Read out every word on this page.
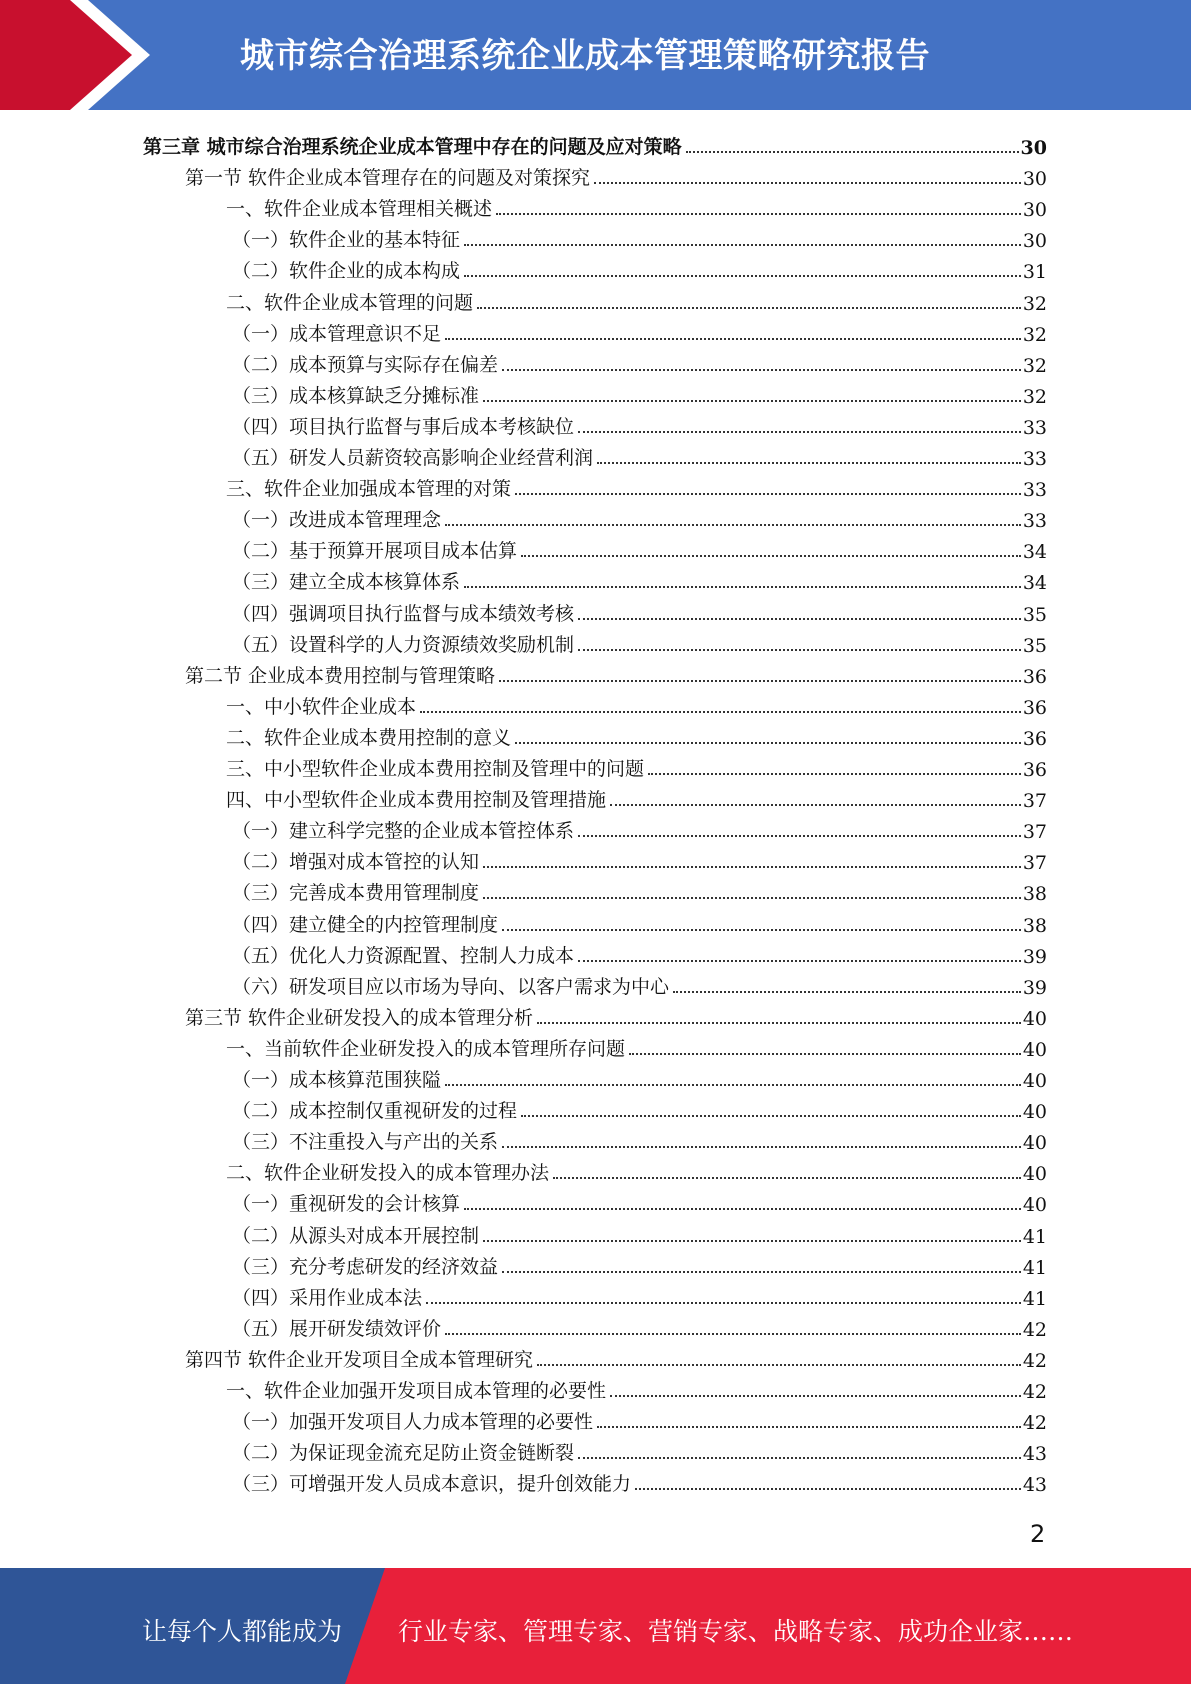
城市综合治理系统企业成本管理策略研究报告
第三章 城市综合治理系统企业成本管理中存在的问题及应对策略	30
第一节 软件企业成本管理存在的问题及对策探究	30
一、软件企业成本管理相关概述	30
（一）软件企业的基本特征	30
（二）软件企业的成本构成	31
二、软件企业成本管理的问题	32
（一）成本管理意识不足	32
（二）成本预算与实际存在偏差	32
（三）成本核算缺乏分摊标准	32
（四）项目执行监督与事后成本考核缺位	33
（五）研发人员薪资较高影响企业经营利润	33
三、软件企业加强成本管理的对策	33
（一）改进成本管理理念	33
（二）基于预算开展项目成本估算	34
（三）建立全成本核算体系	34
（四）强调项目执行监督与成本绩效考核	35
（五）设置科学的人力资源绩效奖励机制	35
第二节 企业成本费用控制与管理策略	36
一、中小软件企业成本	36
二、软件企业成本费用控制的意义	36
三、中小型软件企业成本费用控制及管理中的问题	36
四、中小型软件企业成本费用控制及管理措施	37
（一）建立科学完整的企业成本管控体系	37
（二）增强对成本管控的认知	37
（三）完善成本费用管理制度	38
（四）建立健全的内控管理制度	38
（五）优化人力资源配置、控制人力成本	39
（六）研发项目应以市场为导向、以客户需求为中心	39
第三节 软件企业研发投入的成本管理分析	40
一、当前软件企业研发投入的成本管理所存问题	40
（一）成本核算范围狭隘	40
（二）成本控制仅重视研发的过程	40
（三）不注重投入与产出的关系	40
二、软件企业研发投入的成本管理办法	40
（一）重视研发的会计核算	40
（二）从源头对成本开展控制	41
（三）充分考虑研发的经济效益	41
（四）采用作业成本法	41
（五）展开研发绩效评价	42
第四节 软件企业开发项目全成本管理研究	42
一、软件企业加强开发项目成本管理的必要性	42
（一）加强开发项目人力成本管理的必要性	42
（二）为保证现金流充足防止资金链断裂	43
（三）可增强开发人员成本意识，提升创效能力	43
2
让每个人都能成为 行业专家、管理专家、营销专家、战略专家、成功企业家……
